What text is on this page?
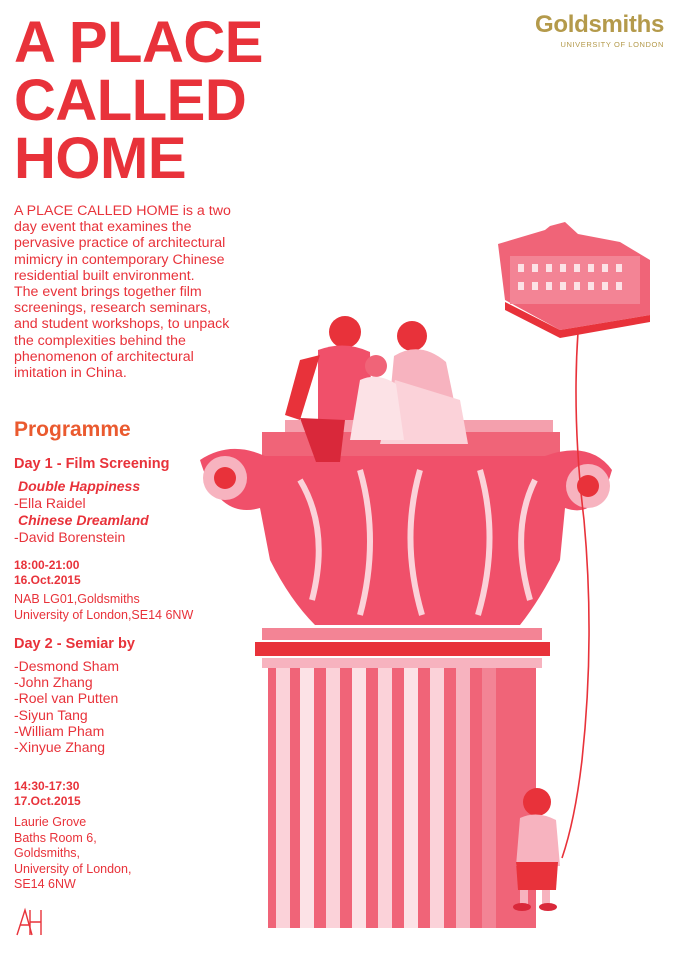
A PLACE
CALLED
HOME
Goldsmiths
UNIVERSITY OF LONDON

A PLACE CALLED HOME is a two
day event that examines the
pervasive practice of architectural
mimicry in contemporary Chinese
residential built environment.
The event brings together film
screenings, research seminars,
and student workshops, to unpack
the complexities behind the
phenomenon of architectural
imitation in China.

Programme
Day 1 - Film Screening
Double Happiness
-Ella Raidel
Chinese Dreamland
-David Borenstein
18:00-21:00
16.Oct.2015
NAB LG01,Goldsmiths
University of London,SE14 6NW
Day 2 - Semiar by
-Desmond Sham
-John Zhang
-Roel van Putten
-Siyun Tang
-William Pham
-Xinyue Zhang
14:30-17:30
17.Oct.2015
Laurie Grove
Baths Room 6,
Goldsmiths,
University of London,
SE14 6NW
